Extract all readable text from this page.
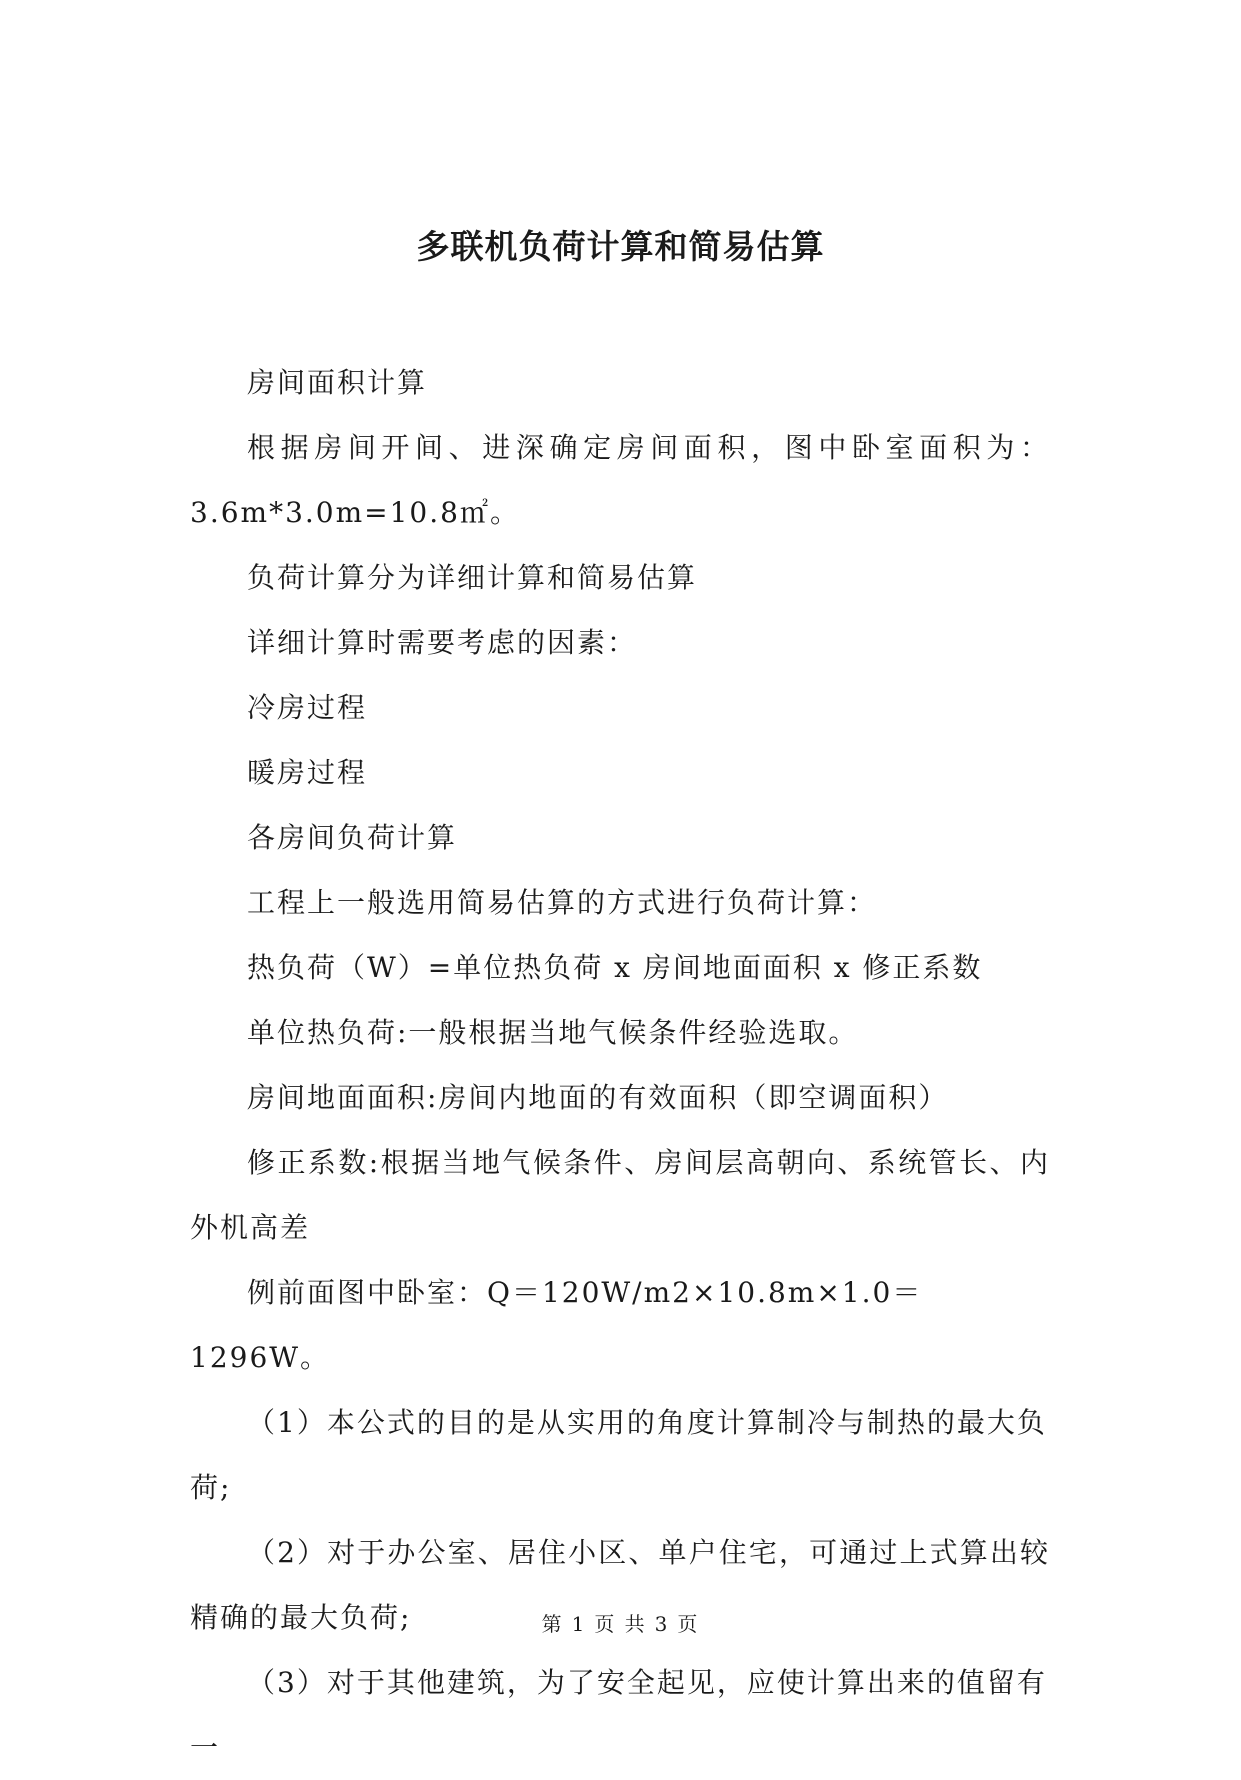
多联机负荷计算和简易估算

房间面积计算

根据房间开间、进深确定房间面积，图中卧室面积为：3.6m*3.0m=10.8㎡。

负荷计算分为详细计算和简易估算

详细计算时需要考虑的因素：

冷房过程

暖房过程

各房间负荷计算

工程上一般选用简易估算的方式进行负荷计算：

热负荷（W）=单位热负荷 x 房间地面面积 x 修正系数

单位热负荷:一般根据当地气候条件经验选取。

房间地面面积:房间内地面的有效面积（即空调面积）

修正系数:根据当地气候条件、房间层高朝向、系统管长、内外机高差

例前面图中卧室：Q＝120W/m2×10.8m×1.0＝1296W。

（1）本公式的目的是从实用的角度计算制冷与制热的最大负荷;

（2）对于办公室、居住小区、单户住宅，可通过上式算出较精确的最大负荷;

（3）对于其他建筑，为了安全起见，应使计算出来的值留有一

第 1 页 共 3 页
